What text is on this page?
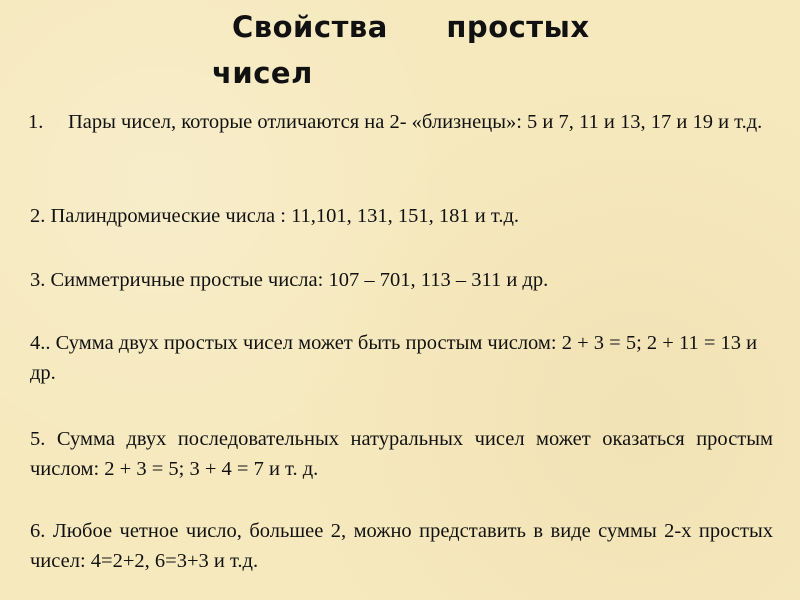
Свойства простых
чисел
1. Пары чисел, которые отличаются на 2- «близнецы»: 5 и 7, 11 и 13, 17 и 19 и т.д.

2. Палиндромические числа : 11,101, 131, 151, 181 и т.д.

3. Симметричные простые числа: 107 – 701, 113 – 311 и др.

4.. Сумма двух простых чисел может быть простым числом: 2 + 3 = 5; 2 + 11 = 13 и др.

5. Сумма двух последовательных натуральных чисел может оказаться простым числом: 2 + 3 = 5; 3 + 4 = 7 и т. д.

6. Любое четное число, большее 2, можно представить в виде суммы 2-х простых чисел: 4=2+2, 6=3+3 и т.д.
